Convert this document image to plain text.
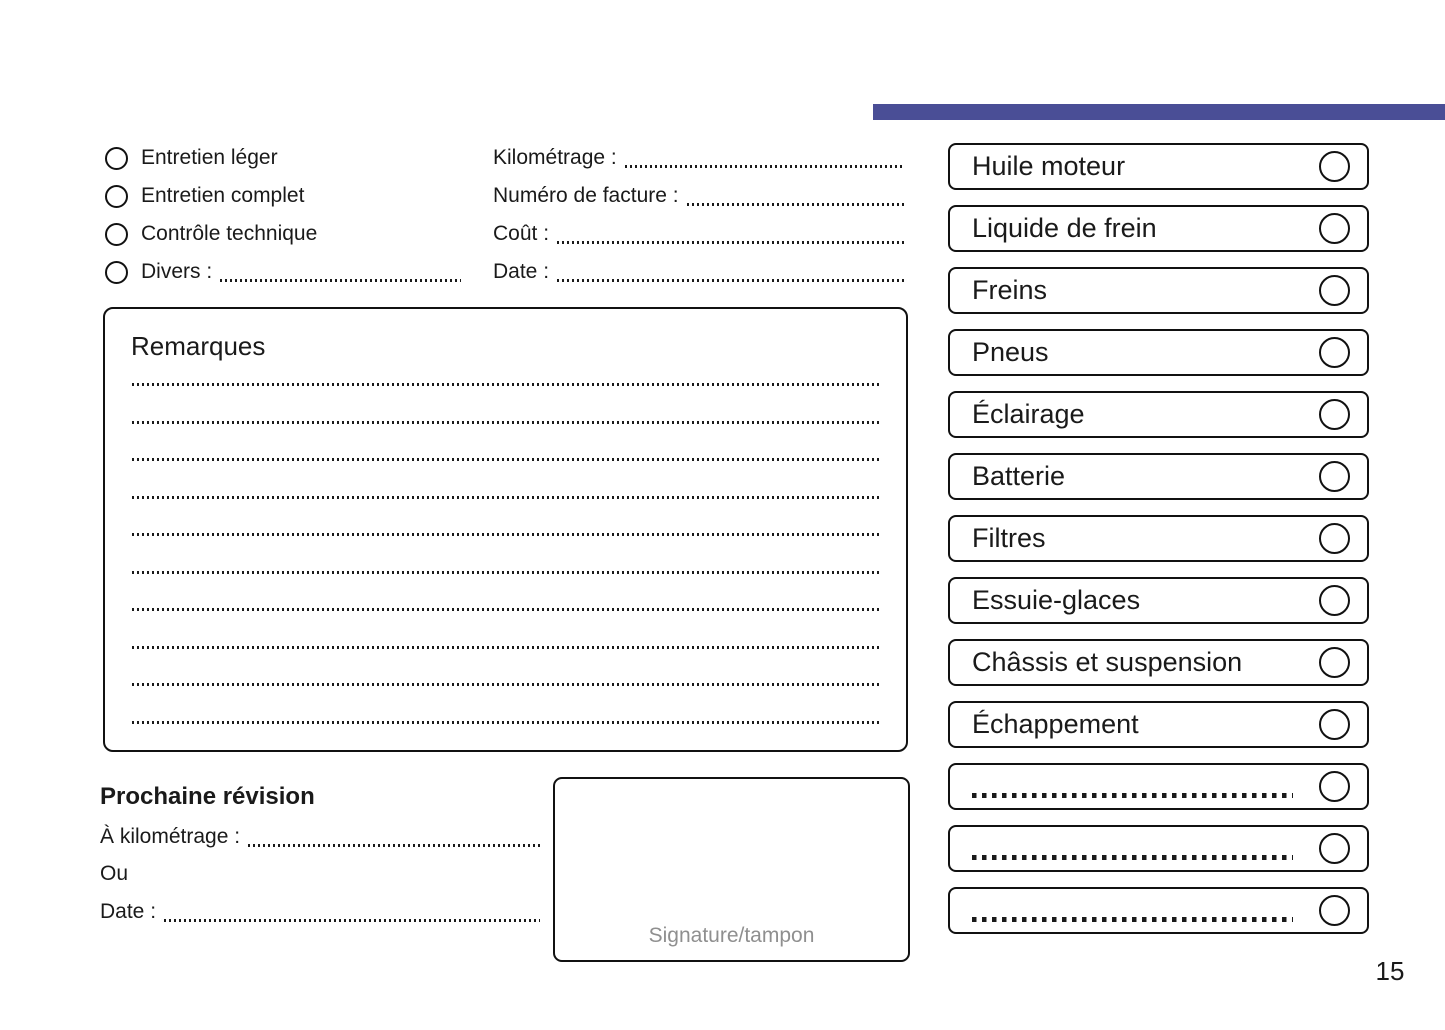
Entretien léger
Entretien complet
Contrôle technique
Divers :
Kilométrage :
Numéro de facture :
Coût :
Date :
Remarques
Prochaine révision
À kilométrage :
Ou
Date :
Signature/tampon
Huile moteur
Liquide de frein
Freins
Pneus
Éclairage
Batterie
Filtres
Essuie-glaces
Châssis et suspension
Échappement
15
